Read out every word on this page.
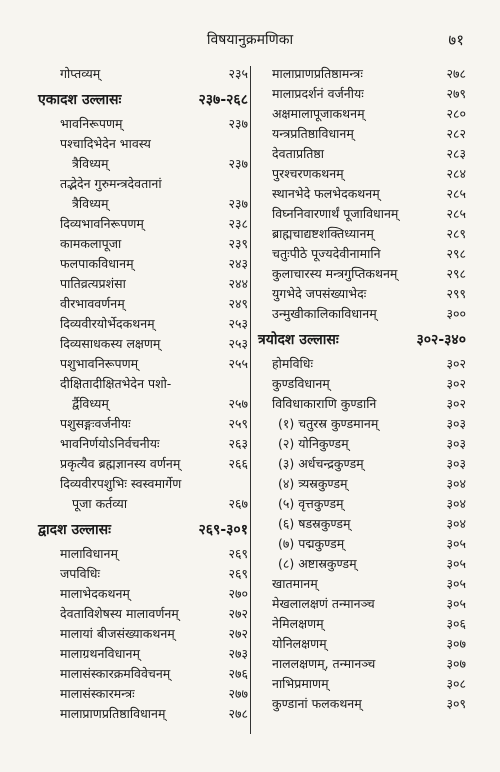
विषयानुक्रमणिका	७१
गोप्तव्यम्	२३५
एकादश उल्लासः	२३७-२६८
भावनिरूपणम्	२३७
पश्चादिभेदेन भावस्य
त्रैविध्यम्	२३७
तद्भेदेन गुरुमन्त्रदेवतानां
त्रैविध्यम्	२३७
दिव्यभावनिरूपणम्	२३८
कामकलापूजा	२३९
फलपाकविधानम्	२४३
पातिव्रत्यप्रशंसा	२४४
वीरभाववर्णनम्	२४९
दिव्यवीरयोर्भेदकथनम्	२५३
दिव्यसाधकस्य लक्षणम्	२५३
पशुभावनिरूपणम्	२५५
दीक्षितादीक्षितभेदेन पशो-
र्द्वैविध्यम्	२५७
पशुसङ्गःवर्जनीयः	२५९
भावनिर्णयोऽनिर्वचनीयः	२६३
प्रकृत्यैव ब्रह्मज्ञानस्य वर्णनम्	२६६
दिव्यवीरपशुभिः स्वस्वमार्गेण
पूजा कर्तव्या	२६७
द्वादश उल्लासः	२६९-३०१
मालाविधानम्	२६९
जपविधिः	२६९
मालाभेदकथनम्	२७०
देवताविशेषस्य मालावर्णनम्	२७२
मालायां बीजसंख्याकथनम्	२७२
मालाग्रथनविधानम्	२७३
मालासंस्कारक्रमविवेचनम्	२७६
मालासंस्कारमन्त्रः	२७७
मालाप्राणप्रतिष्ठाविधानम्	२७८
मालाप्राणप्रतिष्ठामन्त्रः	२७८
मालाप्रदर्शनं वर्जनीयः	२७९
अक्षमालापूजाकथनम्	२८०
यन्त्रप्रतिष्ठाविधानम्	२८२
देवताप्रतिष्ठा	२८३
पुरश्चरणकथनम्	२८४
स्थानभेदे फलभेदकथनम्	२८५
विघ्ननिवारणार्थं पूजाविधानम्	२८५
ब्राह्मचाद्यष्टशक्तिध्यानम्	२८९
चतुःपीठे पूज्यदेवीनामानि	२९८
कुलाचारस्य मन्त्रगुप्तिकथनम्	२९८
युगभेदे जपसंख्याभेदः	२९९
उन्मुखीकालिकाविधानम्	३००
त्रयोदश उल्लासः	३०२-३४०
होमविधिः	३०२
कुण्डविधानम्	३०२
विविधाकाराणि कुण्डानि	३०२
(१) चतुरस्र कुण्डमानम्	३०३
(२) योनिकुण्डम्	३०३
(३) अर्धचन्द्रकुण्डम्	३०३
(४) त्र्यस्रकुण्डम्	३०४
(५) वृत्तकुण्डम्	३०४
(६) षडस्रकुण्डम्	३०४
(७) पद्मकुण्डम्	३०५
(८) अष्टास्रकुण्डम्	३०५
खातमानम्	३०५
मेखलालक्षणं तन्मानञ्च	३०५
नेमिलक्षणम्	३०६
योनिलक्षणम्	३०७
नाललक्षणम्, तन्मानञ्च	३०७
नाभिप्रमाणम्	३०८
कुण्डानां फलकथनम्	३०९
